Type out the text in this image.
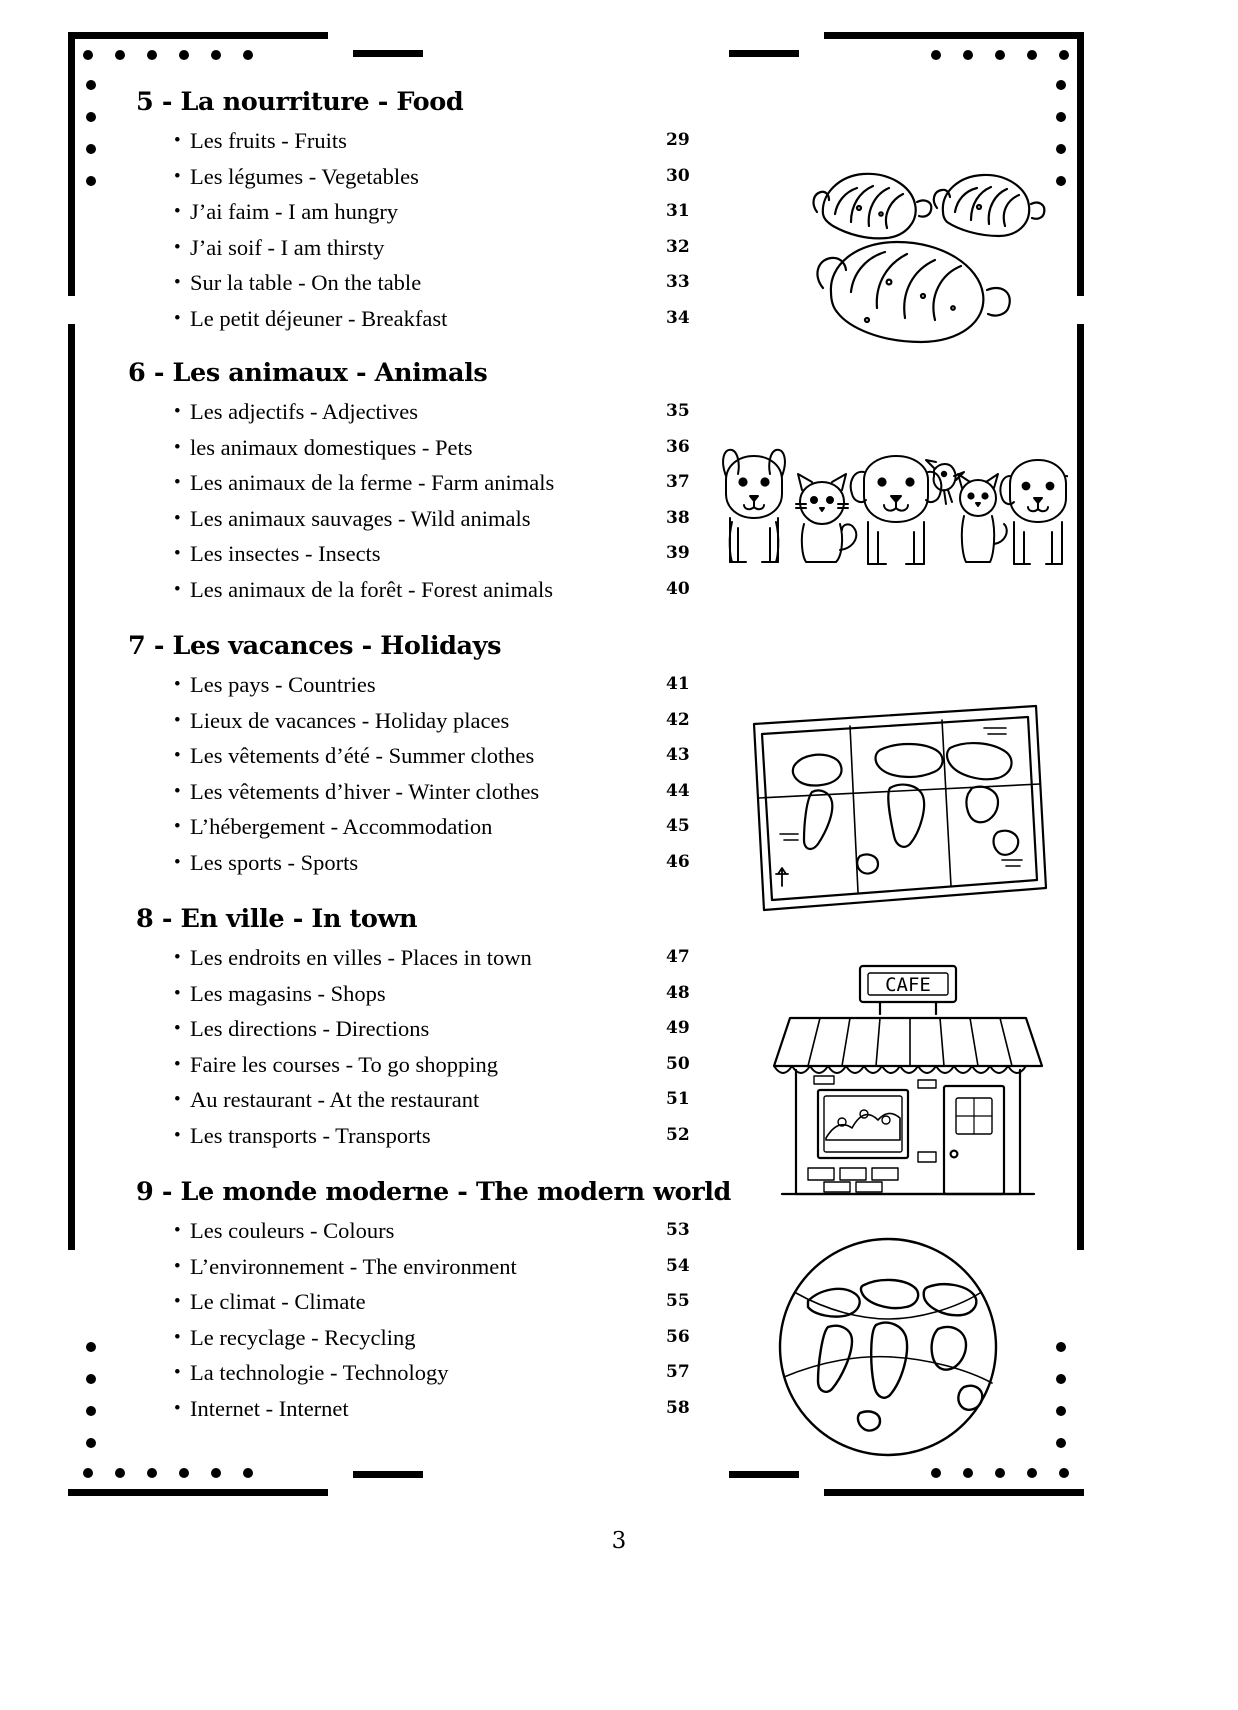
5 - La nourriture - Food
• Les fruits - Fruits	29
• Les légumes - Vegetables	30
• J’ai faim - I am hungry	31
• J’ai soif - I am thirsty	32
• Sur la table - On the table	33
• Le petit déjeuner - Breakfast	34
6 - Les animaux - Animals
• Les adjectifs - Adjectives	35
• les animaux domestiques - Pets	36
• Les animaux de la ferme - Farm animals	37
• Les animaux sauvages - Wild animals	38
• Les insectes - Insects	39
• Les animaux de la forêt - Forest animals	40
7 - Les vacances - Holidays
• Les pays - Countries	41
• Lieux de vacances - Holiday places	42
• Les vêtements d’été - Summer clothes	43
• Les vêtements d’hiver - Winter clothes	44
• L’hébergement - Accommodation	45
• Les sports - Sports	46
8 - En ville - In town
• Les endroits en villes - Places in town	47
• Les magasins - Shops	48
• Les directions - Directions	49
• Faire les courses - To go shopping	50
• Au restaurant - At the restaurant	51
• Les transports - Transports	52
9 - Le monde moderne - The modern world
• Les couleurs - Colours	53
• L’environnement - The environment	54
• Le climat - Climate	55
• Le recyclage - Recycling	56
• La technologie - Technology	57
• Internet - Internet	58
CAFE
3
